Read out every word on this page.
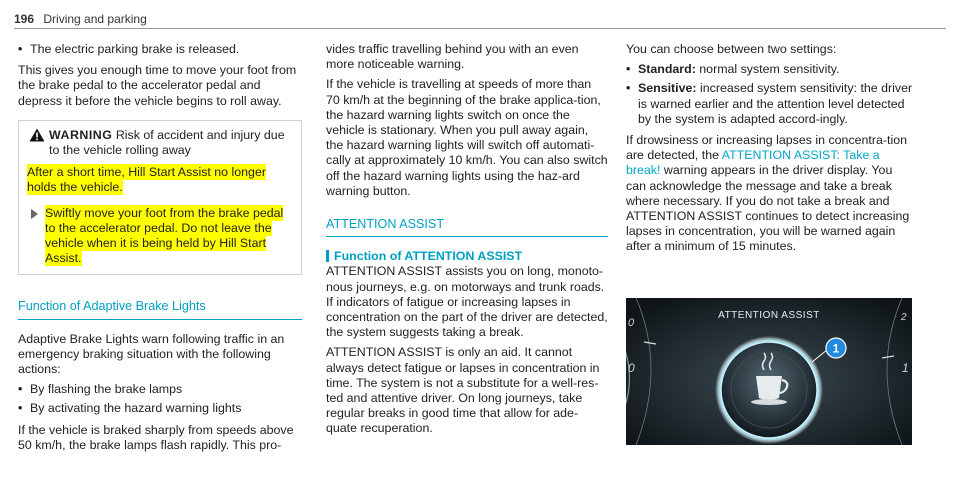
196 Driving and parking
• The electric parking brake is released.

This gives you enough time to move your foot from the brake pedal to the accelerator pedal and depress it before the vehicle begins to roll away.

WARNING Risk of accident and injury due to the vehicle rolling away

After a short time, Hill Start Assist no longer holds the vehicle.

Swiftly move your foot from the brake pedal to the accelerator pedal. Do not leave the vehicle when it is being held by Hill Start Assist.
Function of Adaptive Brake Lights

Adaptive Brake Lights warn following traffic in an emergency braking situation with the following actions:

• By flashing the brake lamps
• By activating the hazard warning lights

If the vehicle is braked sharply from speeds above 50 km/h, the brake lamps flash rapidly. This pro-

vides traffic travelling behind you with an even more noticeable warning.

If the vehicle is travelling at speeds of more than 70 km/h at the beginning of the brake applica-tion, the hazard warning lights switch on once the vehicle is stationary. When you pull away again, the hazard warning lights will switch off automati-cally at approximately 10 km/h. You can also switch off the hazard warning lights using the haz-ard warning button.

ATTENTION ASSIST
Function of ATTENTION ASSIST

ATTENTION ASSIST assists you on long, monoto-nous journeys, e.g. on motorways and trunk roads. If indicators of fatigue or increasing lapses in concentration on the part of the driver are detected, the system suggests taking a break.

ATTENTION ASSIST is only an aid. It cannot always detect fatigue or lapses in concentration in time. The system is not a substitute for a well-res-ted and attentive driver. On long journeys, take regular breaks in good time that allow for ade-quate recuperation.

You can choose between two settings:

• Standard: normal system sensitivity.
• Sensitive: increased system sensitivity: the driver is warned earlier and the attention level detected by the system is adapted accord-ingly.

If drowsiness or increasing lapses in concentra-tion are detected, the ATTENTION ASSIST: Take a break! warning appears in the driver display. You can acknowledge the message and take a break where necessary. If you do not take a break and ATTENTION ASSIST continues to detect increasing lapses in concentration, you will be warned again after a minimum of 15 minutes.

0
0
2
1
ATTENTION ASSIST
1
